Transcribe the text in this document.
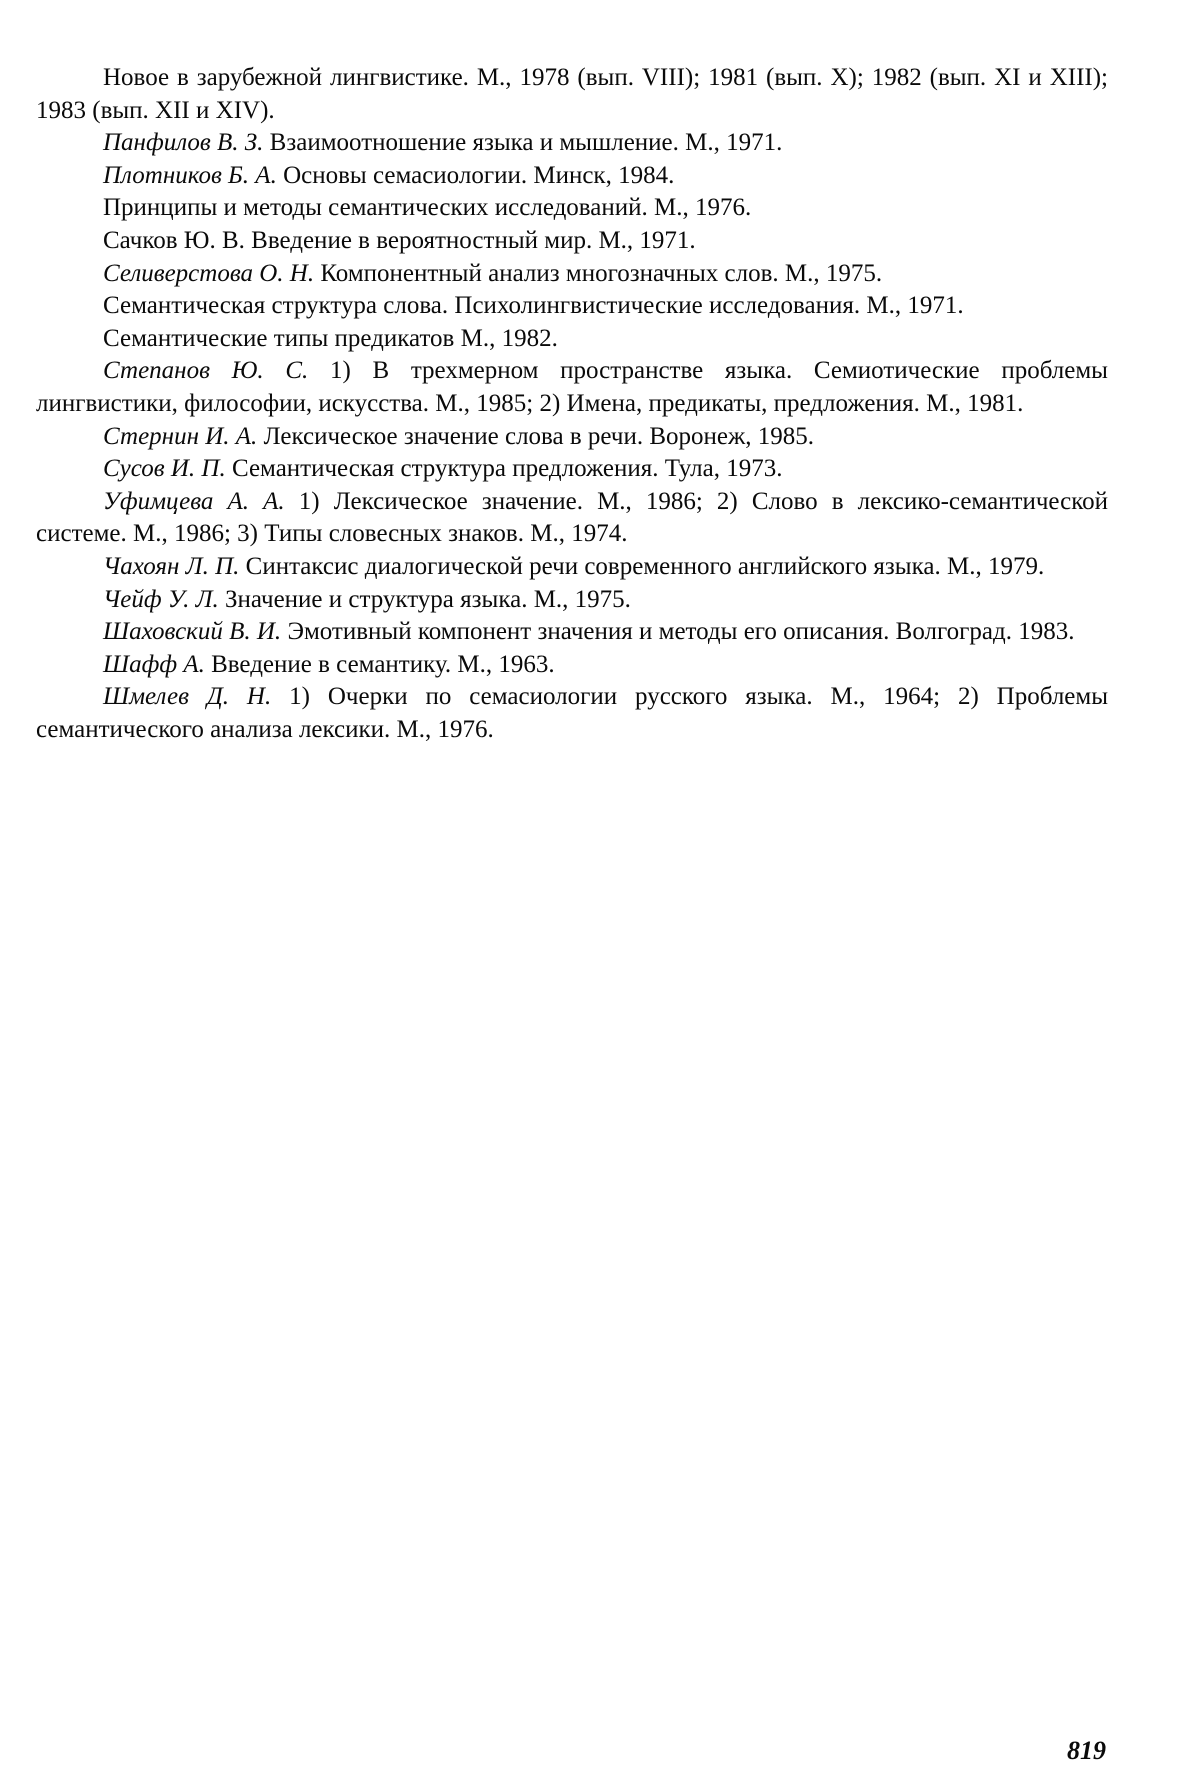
Новое в зарубежной лингвистике. М., 1978 (вып. VIII); 1981 (вып. X); 1982 (вып. XI и XIII); 1983 (вып. XII и XIV).
Панфилов В. З. Взаимоотношение языка и мышление. М., 1971.
Плотников Б. А. Основы семасиологии. Минск, 1984.
Принципы и методы семантических исследований. М., 1976.
Сачков Ю. В. Введение в вероятностный мир. М., 1971.
Селиверстова О. Н. Компонентный анализ многозначных слов. М., 1975.
Семантическая структура слова. Психолингвистические исследования. М., 1971.
Семантические типы предикатов М., 1982.
Степанов Ю. С. 1) В трехмерном пространстве языка. Семиотические проблемы лингвистики, философии, искусства. М., 1985; 2) Имена, предикаты, предложения. М., 1981.
Стернин И. А. Лексическое значение слова в речи. Воронеж, 1985.
Сусов И. П. Семантическая структура предложения. Тула, 1973.
Уфимцева А. А. 1) Лексическое значение. М., 1986; 2) Слово в лексико-семантической системе. М., 1986; 3) Типы словесных знаков. М., 1974.
Чахоян Л. П. Синтаксис диалогической речи современного английского языка. М., 1979.
Чейф У. Л. Значение и структура языка. М., 1975.
Шаховский В. И. Эмотивный компонент значения и методы его описания. Волгоград. 1983.
Шафф А. Введение в семантику. М., 1963.
Шмелев Д. Н. 1) Очерки по семасиологии русского языка. М., 1964; 2) Проблемы семантического анализа лексики. М., 1976.
819
